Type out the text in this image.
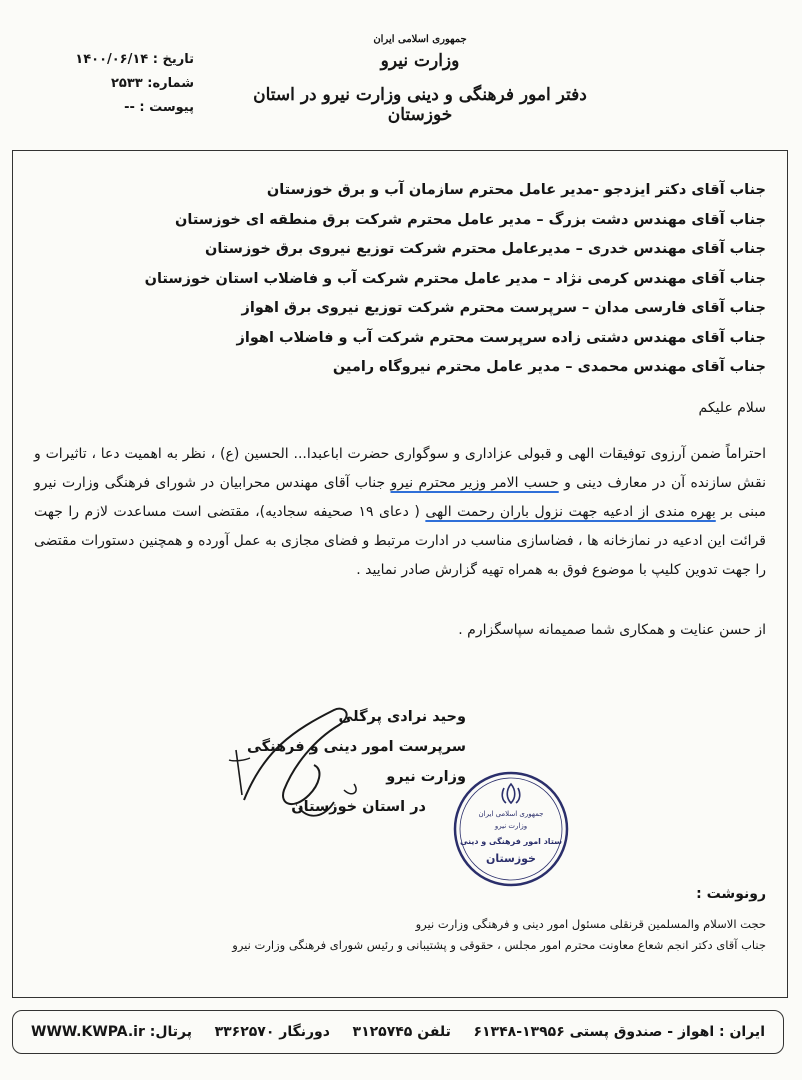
تاریخ : ۱۴۰۰/۰۶/۱۴
شماره: ۲۵۳۳
پیوست : --
جمهوری اسلامی ایران
وزارت نیرو
دفتر امور فرهنگی و دینی وزارت نیرو در استان خوزستان
جناب آقای دکتر ایزدجو -مدیر عامل محترم سازمان آب و برق خوزستان
جناب آقای مهندس دشت بزرگ – مدیر عامل محترم شرکت برق منطقه ای خوزستان
جناب آقای مهندس خدری – مدیرعامل محترم شرکت توزیع نیروی برق خوزستان
جناب آقای مهندس کرمی نژاد – مدیر عامل محترم شرکت آب و فاضلاب استان خوزستان
جناب آقای فارسی مدان – سرپرست محترم شرکت توزیع نیروی برق اهواز
جناب آقای مهندس دشتی زاده سرپرست محترم شرکت آب و فاضلاب اهواز
جناب آقای مهندس محمدی – مدیر عامل محترم نیروگاه رامین
سلام علیکم
احتراماً ضمن آرزوی توفیقات الهی و قبولی عزاداری و سوگواری حضرت اباعبدا... الحسین (ع) ، نظر به اهمیت دعا ، تاثیرات و نقش سازنده آن در معارف دینی و حسب الامر وزیر محترم نیرو جناب آقای مهندس محرابیان در شورای فرهنگی وزارت نیرو مبنی بر بهره مندی از ادعیه جهت نزول باران رحمت الهی ( دعای ۱۹ صحیفه سجادیه)، مقتضی است مساعدت لازم را جهت قرائت این ادعیه در نمازخانه ها ، فضاسازی مناسب در ادارت مرتبط و فضای مجازی به عمل آورده و همچنین دستورات مقتضی را جهت تدوین کلیپ با موضوع فوق به همراه تهیه گزارش صادر نمایید .
از حسن عنایت و همکاری شما صمیمانه سپاسگزارم .
وحید نرادی پرگلی
سرپرست امور دینی و فرهنگی وزارت نیرو
در استان خوزستان	جمهوری اسلامی ایران
وزارت نیرو
ستاد امور فرهنگی و دینی
خوزستان
رونوشت :
حجت الاسلام والمسلمین قرنقلی مسئول امور دینی و فرهنگی وزارت نیرو
جناب آقای دکتر انجم شعاع معاونت محترم امور مجلس ، حقوقی و پشتیبانی و رئیس شورای فرهنگی وزارت نیرو
ایران : اهواز - صندوق پستی ۱۳۹۵۶-۶۱۳۴۸
تلفن ۳۱۲۵۷۴۵
دورنگار ۳۳۶۲۵۷۰
پرتال: WWW.KWPA.ir
